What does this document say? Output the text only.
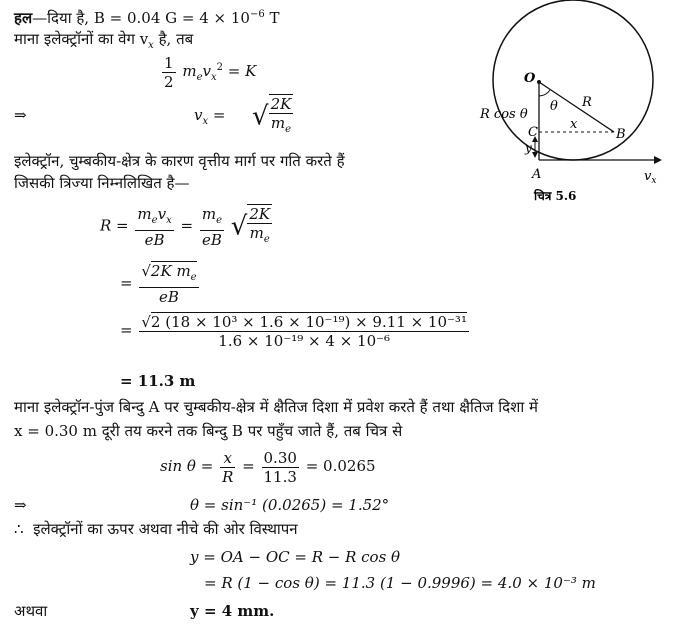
हल—दिया है, B = 0.04 $G = 4 \times 10^{-6}$ T
माना इलेक्ट्रॉनों का वेग $v_x$ है, तब
$\frac{1}{2} m_ev_x^2 = K$
⇒	$v_x$ = √ $\frac{2K}{m_e}$
इलेक्ट्रॉन, चुम्बकीय-क्षेत्र के कारण वृत्तीय मार्ग पर गति करते हैं
जिसकी त्रिज्या निम्नलिखित है—
$R = \frac{m_ev_x}{eB} = \frac{m_e}{eB}$ √ $\frac{2K}{m_e}$
= $\frac{√2K m_e}{eB}$
= $\frac{\text{√2 (18 × 10³ × 1.6 × 10⁻¹⁹) × 9.11 × 10⁻³¹}}{\text{1.6 × 10⁻¹⁹ × 4 × 10⁻⁶}}$
= 11.3 m
माना इलेक्ट्रॉन-पुंज बिन्दु A पर चुम्बकीय-क्षेत्र में क्षैतिज दिशा में प्रवेश करते हैं तथा क्षैतिज दिशा में
x = 0.30 m दूरी तय करने तक बिन्दु B पर पहुँच जाते हैं, तब चित्र से
$\sin \theta = \frac{x}{R} = \frac{0.30}{11.3} = 0.0265$
⇒	θ = sin⁻¹ (0.0265) = 1.52°
∴ इलेक्ट्रॉनों का ऊपर अथवा नीचे की ओर विस्थापन
y = OA − OC = R − R cos θ
= R (1 − cos θ) = 11.3 (1 − 0.9996) = 4.0 × 10⁻³ m
अथवा	y = 4 mm.
O
θ R
R cos θ
C
x
B
y
A	$v_x$
चित्र 5.6
